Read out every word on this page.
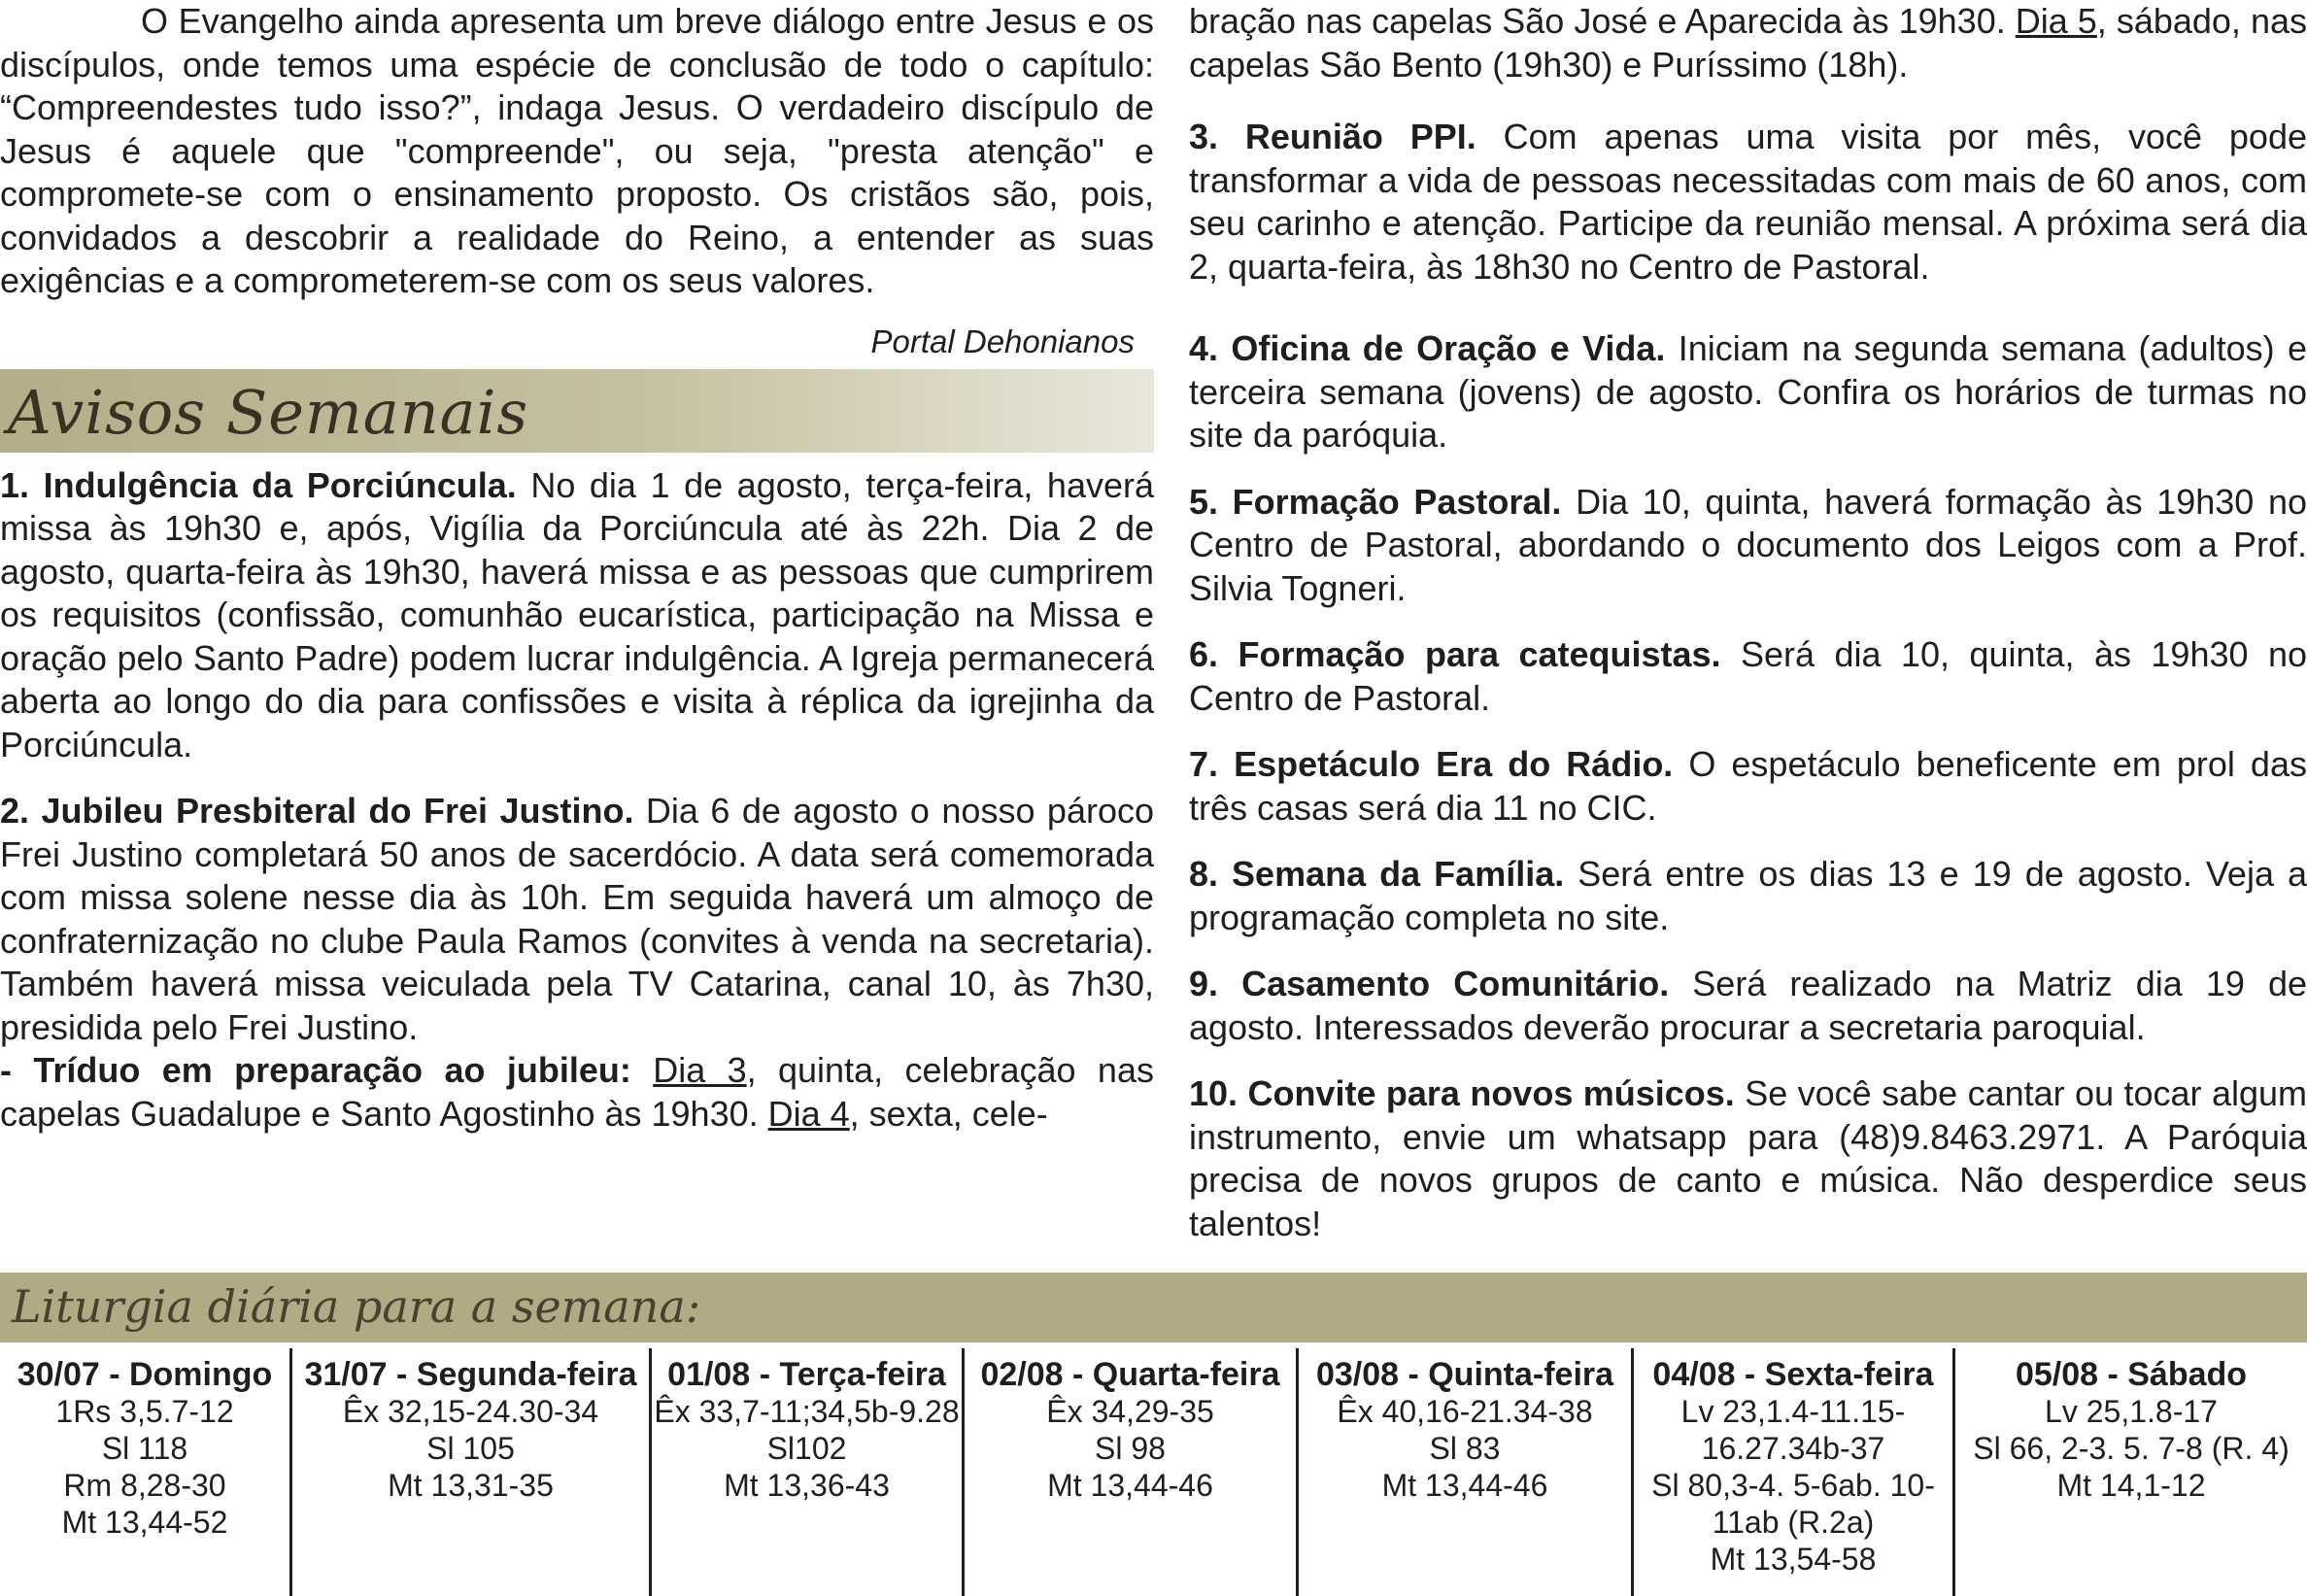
O Evangelho ainda apresenta um breve diálogo entre Jesus e os discípulos, onde temos uma espécie de conclusão de todo o capítulo: “Compreendestes tudo isso?”, indaga Jesus. O verdadeiro discípulo de Jesus é aquele que "compreende", ou seja, "presta atenção" e compromete-se com o ensinamento proposto. Os cristãos são, pois, convidados a descobrir a realidade do Reino, a entender as suas exigências e a comprometerem-se com os seus valores.

Portal Dehonianos

Avisos Semanais

1. Indulgência da Porciúncula. No dia 1 de agosto, terça-feira, haverá missa às 19h30 e, após, Vigília da Porciúncula até às 22h. Dia 2 de agosto, quarta-feira às 19h30, haverá missa e as pessoas que cumprirem os requisitos (confissão, comunhão eucarística, participação na Missa e oração pelo Santo Padre) podem lucrar indulgência. A Igreja permanecerá aberta ao longo do dia para confissões e visita à réplica da igrejinha da Porciúncula.

2. Jubileu Presbiteral do Frei Justino. Dia 6 de agosto o nosso pároco Frei Justino completará 50 anos de sacerdócio. A data será comemorada com missa solene nesse dia às 10h. Em seguida haverá um almoço de confraternização no clube Paula Ramos (convites à venda na secretaria). Também haverá missa veiculada pela TV Catarina, canal 10, às 7h30, presidida pelo Frei Justino.

- Tríduo em preparação ao jubileu: Dia 3, quinta, celebração nas capelas Guadalupe e Santo Agostinho às 19h30. Dia 4, sexta, cele-

bração nas capelas São José e Aparecida às 19h30. Dia 5, sábado, nas capelas São Bento (19h30) e Puríssimo (18h).

3. Reunião PPI. Com apenas uma visita por mês, você pode transformar a vida de pessoas necessitadas com mais de 60 anos, com seu carinho e atenção. Participe da reunião mensal. A próxima será dia 2, quarta-feira, às 18h30 no Centro de Pastoral.

4. Oficina de Oração e Vida. Iniciam na segunda semana (adultos) e terceira semana (jovens) de agosto. Confira os horários de turmas no site da paróquia.

5. Formação Pastoral. Dia 10, quinta, haverá formação às 19h30 no Centro de Pastoral, abordando o documento dos Leigos com a Prof. Silvia Togneri.

6. Formação para catequistas. Será dia 10, quinta, às 19h30 no Centro de Pastoral.

7. Espetáculo Era do Rádio. O espetáculo beneficente em prol das três casas será dia 11 no CIC.

8. Semana da Família. Será entre os dias 13 e 19 de agosto. Veja a programação completa no site.

9. Casamento Comunitário. Será realizado na Matriz dia 19 de agosto. Interessados deverão procurar a secretaria paroquial.

10. Convite para novos músicos. Se você sabe cantar ou tocar algum instrumento, envie um whatsapp para (48)9.8463.2971. A Paróquia precisa de novos grupos de canto e música. Não desperdice seus talentos!

Liturgia diária para a semana:
30/07 - Domingo
1Rs 3,5.7-12
Sl 118
Rm 8,28-30
Mt 13,44-52
31/07 - Segunda-feira
Êx 32,15-24.30-34
Sl 105
Mt 13,31-35
01/08 - Terça-feira
Êx 33,7-11;34,5b-9.28
Sl102
Mt 13,36-43
02/08 - Quarta-feira
Êx 34,29-35
Sl 98
Mt 13,44-46
03/08 - Quinta-feira
Êx 40,16-21.34-38
Sl 83
Mt 13,44-46
04/08 - Sexta-feira
Lv 23,1.4-11.15-16.27.34b-37
Sl 80,3-4. 5-6ab. 10-11ab (R.2a)
Mt 13,54-58
05/08 - Sábado
Lv 25,1.8-17
Sl 66, 2-3. 5. 7-8 (R. 4)
Mt 14,1-12
